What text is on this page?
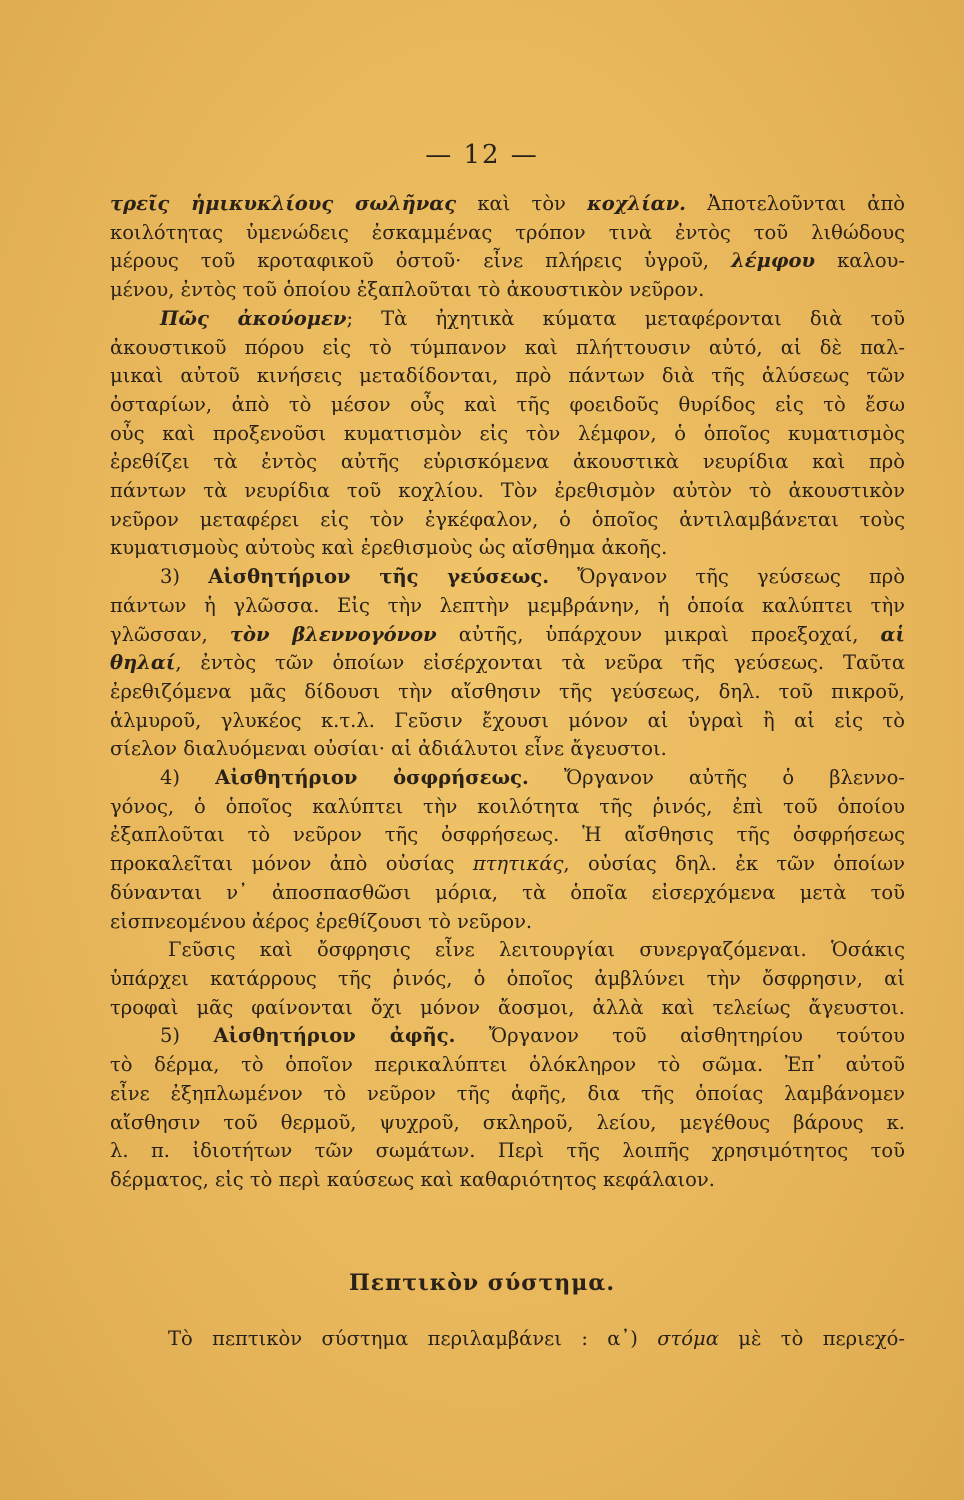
— 12 —
τρεῖς ἡμικυκλίους σωλῆνας καὶ τὸν κοχλίαν. Ἀποτελοῦνται ἀπὸ
κοιλότητας ὑμενώδεις ἐσκαμμένας τρόπον τινὰ ἐντὸς τοῦ λιθώδους
μέρους τοῦ κροταφικοῦ ὀστοῦ· εἶνε πλήρεις ὑγροῦ, λέμφου καλου-
μένου, ἐντὸς τοῦ ὁποίου ἐξαπλοῦται τὸ ἀκουστικὸν νεῦρον.
Πῶς ἀκούομεν; Τὰ ἠχητικὰ κύματα μεταφέρονται διὰ τοῦ
ἀκουστικοῦ πόρου εἰς τὸ τύμπανον καὶ πλήττουσιν αὐτό, αἱ δὲ παλ-
μικαὶ αὐτοῦ κινήσεις μεταδίδονται, πρὸ πάντων διὰ τῆς ἁλύσεως τῶν
ὀσταρίων, ἀπὸ τὸ μέσον οὖς καὶ τῆς φοειδοῦς θυρίδος εἰς τὸ ἔσω
οὖς καὶ προξενοῦσι κυματισμὸν εἰς τὸν λέμφον, ὁ ὁποῖος κυματισμὸς
ἐρεθίζει τὰ ἐντὸς αὐτῆς εὑρισκόμενα ἀκουστικὰ νευρίδια καὶ πρὸ
πάντων τὰ νευρίδια τοῦ κοχλίου. Τὸν ἐρεθισμὸν αὐτὸν τὸ ἀκουστικὸν
νεῦρον μεταφέρει εἰς τὸν ἐγκέφαλον, ὁ ὁποῖος ἀντιλαμβάνεται τοὺς
κυματισμοὺς αὐτοὺς καὶ ἐρεθισμοὺς ὡς αἴσθημα ἀκοῆς.
3) Αἰσθητήριον τῆς γεύσεως. Ὄργανον τῆς γεύσεως πρὸ
πάντων ἡ γλῶσσα. Εἰς τὴν λεπτὴν μεμβράνην, ἡ ὁποία καλύπτει τὴν
γλῶσσαν, τὸν βλεννογόνον αὐτῆς, ὑπάρχουν μικραὶ προεξοχαί, αἱ
θηλαί, ἐντὸς τῶν ὁποίων εἰσέρχονται τὰ νεῦρα τῆς γεύσεως. Ταῦτα
ἐρεθιζόμενα μᾶς δίδουσι τὴν αἴσθησιν τῆς γεύσεως, δηλ. τοῦ πικροῦ,
ἁλμυροῦ, γλυκέος κ.τ.λ. Γεῦσιν ἔχουσι μόνον αἱ ὑγραὶ ἢ αἱ εἰς τὸ
σίελον διαλυόμεναι οὐσίαι· αἱ ἀδιάλυτοι εἶνε ἄγευστοι.
4) Αἰσθητήριον ὀσφρήσεως. Ὄργανον αὐτῆς ὁ βλεννο-
γόνος, ὁ ὁποῖος καλύπτει τὴν κοιλότητα τῆς ῥινός, ἐπὶ τοῦ ὁποίου
ἐξαπλοῦται τὸ νεῦρον τῆς ὀσφρήσεως. Ἡ αἴσθησις τῆς ὀσφρήσεως
προκαλεῖται μόνον ἀπὸ οὐσίας πτητικάς, οὐσίας δηλ. ἐκ τῶν ὁποίων
δύνανται ν᾿ ἀποσπασθῶσι μόρια, τὰ ὁποῖα εἰσερχόμενα μετὰ τοῦ
εἰσπνεομένου ἀέρος ἐρεθίζουσι τὸ νεῦρον.
Γεῦσις καὶ ὄσφρησις εἶνε λειτουργίαι συνεργαζόμεναι. Ὁσάκις
ὑπάρχει κατάρρους τῆς ῥινός, ὁ ὁποῖος ἀμβλύνει τὴν ὄσφρησιν, αἱ
τροφαὶ μᾶς φαίνονται ὄχι μόνον ἄοσμοι, ἀλλὰ καὶ τελείως ἄγευστοι.
5) Αἰσθητήριον ἀφῆς. Ὄργανον τοῦ αἰσθητηρίου τούτου
τὸ δέρμα, τὸ ὁποῖον περικαλύπτει ὁλόκληρον τὸ σῶμα. Ἐπ᾿ αὐτοῦ
εἶνε ἐξηπλωμένον τὸ νεῦρον τῆς ἁφῆς, δια τῆς ὁποίας λαμβάνομεν
αἴσθησιν τοῦ θερμοῦ, ψυχροῦ, σκληροῦ, λείου, μεγέθους βάρους κ.
λ. π. ἰδιοτήτων τῶν σωμάτων. Περὶ τῆς λοιπῆς χρησιμότητος τοῦ
δέρματος, εἰς τὸ περὶ καύσεως καὶ καθαριότητος κεφάλαιον.
Πεπτικὸν σύστημα.
Τὸ πεπτικὸν σύστημα περιλαμβάνει : α᾿) στόμα μὲ τὸ περιεχό-
